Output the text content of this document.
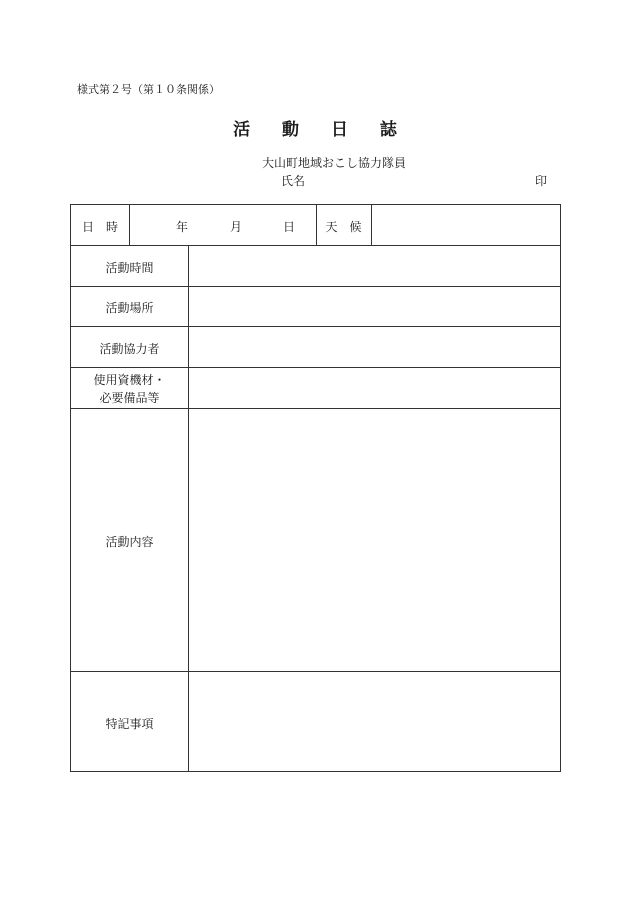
様式第２号（第１０条関係）
活 動 日 誌
大山町地域おこし協力隊員
氏名	印
日　時	年	月	日	天　候
活動時間
活動場所
活動協力者
使用資機材・
必要備品等
活動内容
特記事項
